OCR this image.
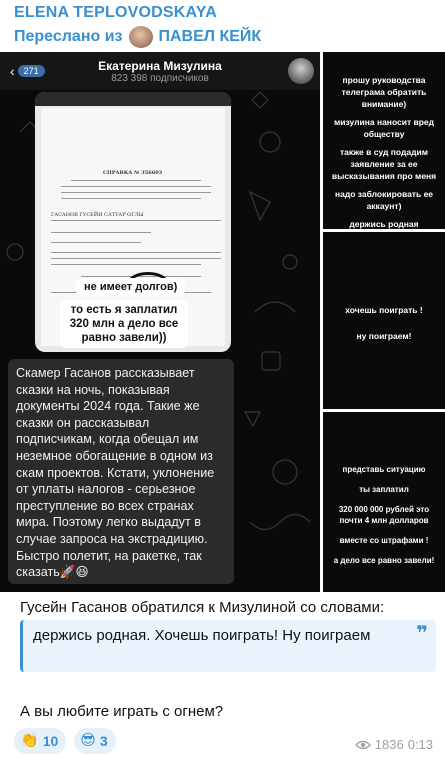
ELENA TEPLOVODSKAYA
Переслано из ПАВЕЛ КЕЙК
‹	271	Екатерина Мизулина
823 398 подписчиков
СПРАВКА № 356603
ГАСАНОВ ГУСЕЙН САТТАР ОГЛЫ
не имеет долгов)
то есть я заплатил 320 млн а дело все равно завели))
Скамер Гасанов рассказывает сказки на ночь, показывая документы 2024 года. Такие же сказки он рассказывал подписчикам, когда обещал им неземное обогащение в одном из скам проектов. Кстати, уклонение от уплаты налогов - серьезное преступление во всех странах мира. Поэтому легко выдадут в случае запроса на экстрадицию. Быстро полетит, на ракетке, так сказать🚀😆

прошу руководства телеграма обратить внимание)

мизулина наносит вред обществу

также в суд подадим заявление за ее высказывания про меня

надо заблокировать ее аккаунт)

держись родная

хочешь поиграть !

ну поиграем!

представь ситуацию

ты заплатил

320 000 000 рублей это почти 4 млн долларов

вместе со штрафами !

а дело все равно завели!

Гусейн Гасанов обратился к Мизулиной со словами:
держись родная. Хочешь поиграть! Ну поиграем ❞
А вы любите играть с огнем?
👏 10 😎 3	1836 0:13
